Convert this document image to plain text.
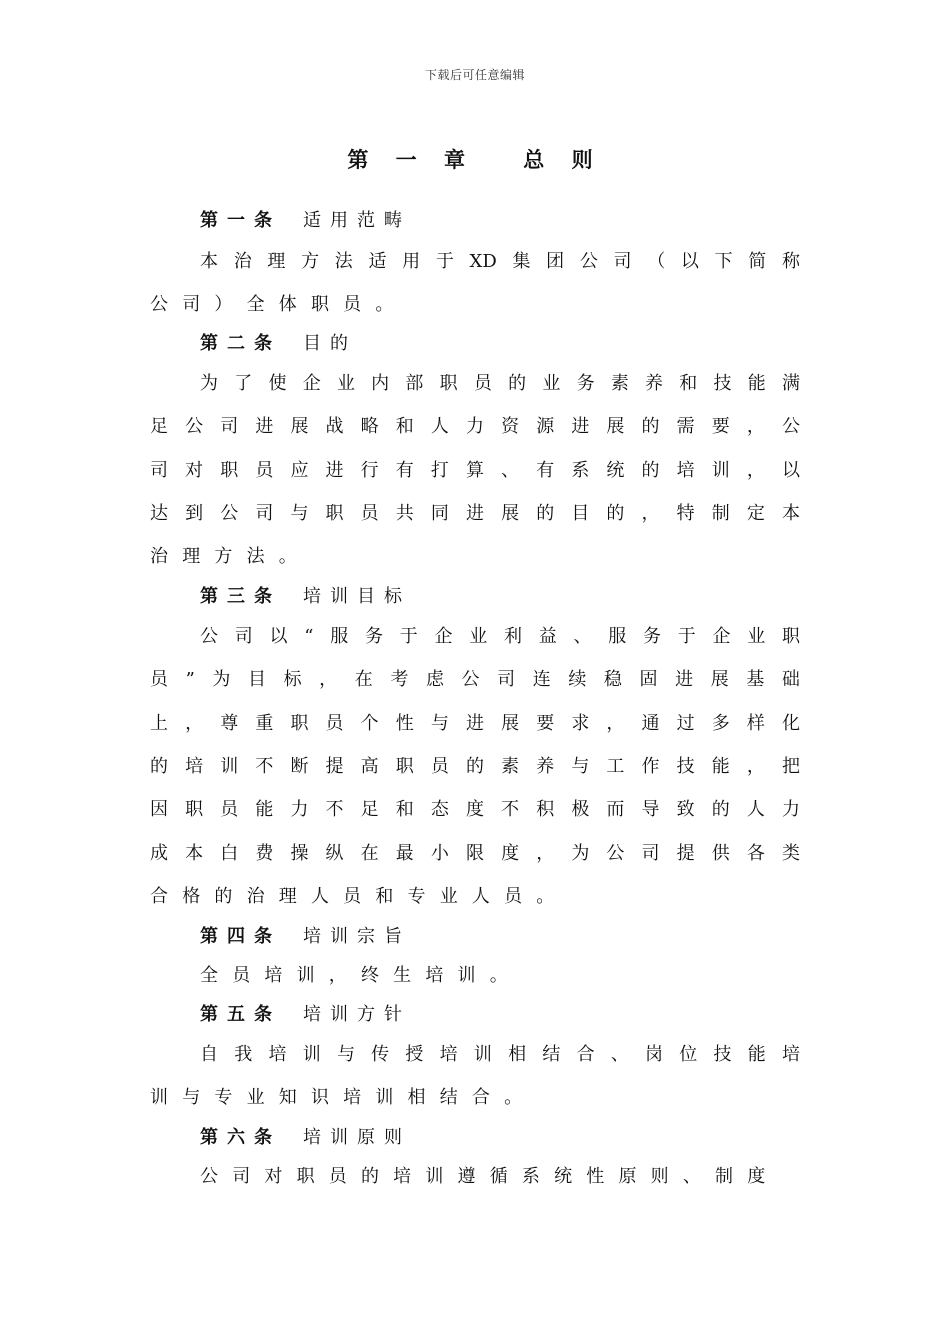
下载后可任意编辑
第 一 章　 总 则
第一条 适用范畴
本 治 理 方 法 适 用 于 XD 集 团 公 司 （ 以 下 简 称
公 司 ） 全 体 职 员 。
第二条 目的
为 了 使 企 业 内 部 职 员 的 业 务 素 养 和 技 能 满
足 公 司 进 展 战 略 和 人 力 资 源 进 展 的 需 要 ， 公
司 对 职 员 应 进 行 有 打 算 、 有 系 统 的 培 训 ， 以
达 到 公 司 与 职 员 共 同 进 展 的 目 的 ， 特 制 定 本
治 理 方 法 。
第三条 培训目标
公 司 以 “ 服 务 于 企 业 利 益 、 服 务 于 企 业 职
员 ” 为 目 标 ， 在 考 虑 公 司 连 续 稳 固 进 展 基 础
上 ， 尊 重 职 员 个 性 与 进 展 要 求 ， 通 过 多 样 化
的 培 训 不 断 提 高 职 员 的 素 养 与 工 作 技 能 ， 把
因 职 员 能 力 不 足 和 态 度 不 积 极 而 导 致 的 人 力
成 本 白 费 操 纵 在 最 小 限 度 ， 为 公 司 提 供 各 类
合 格 的 治 理 人 员 和 专 业 人 员 。
第四条 培训宗旨
全 员 培 训 ， 终 生 培 训 。
第五条 培训方针
自 我 培 训 与 传 授 培 训 相 结 合 、 岗 位 技 能 培
训 与 专 业 知 识 培 训 相 结 合 。
第六条 培训原则
公 司 对 职 员 的 培 训 遵 循 系 统 性 原 则 、 制 度
